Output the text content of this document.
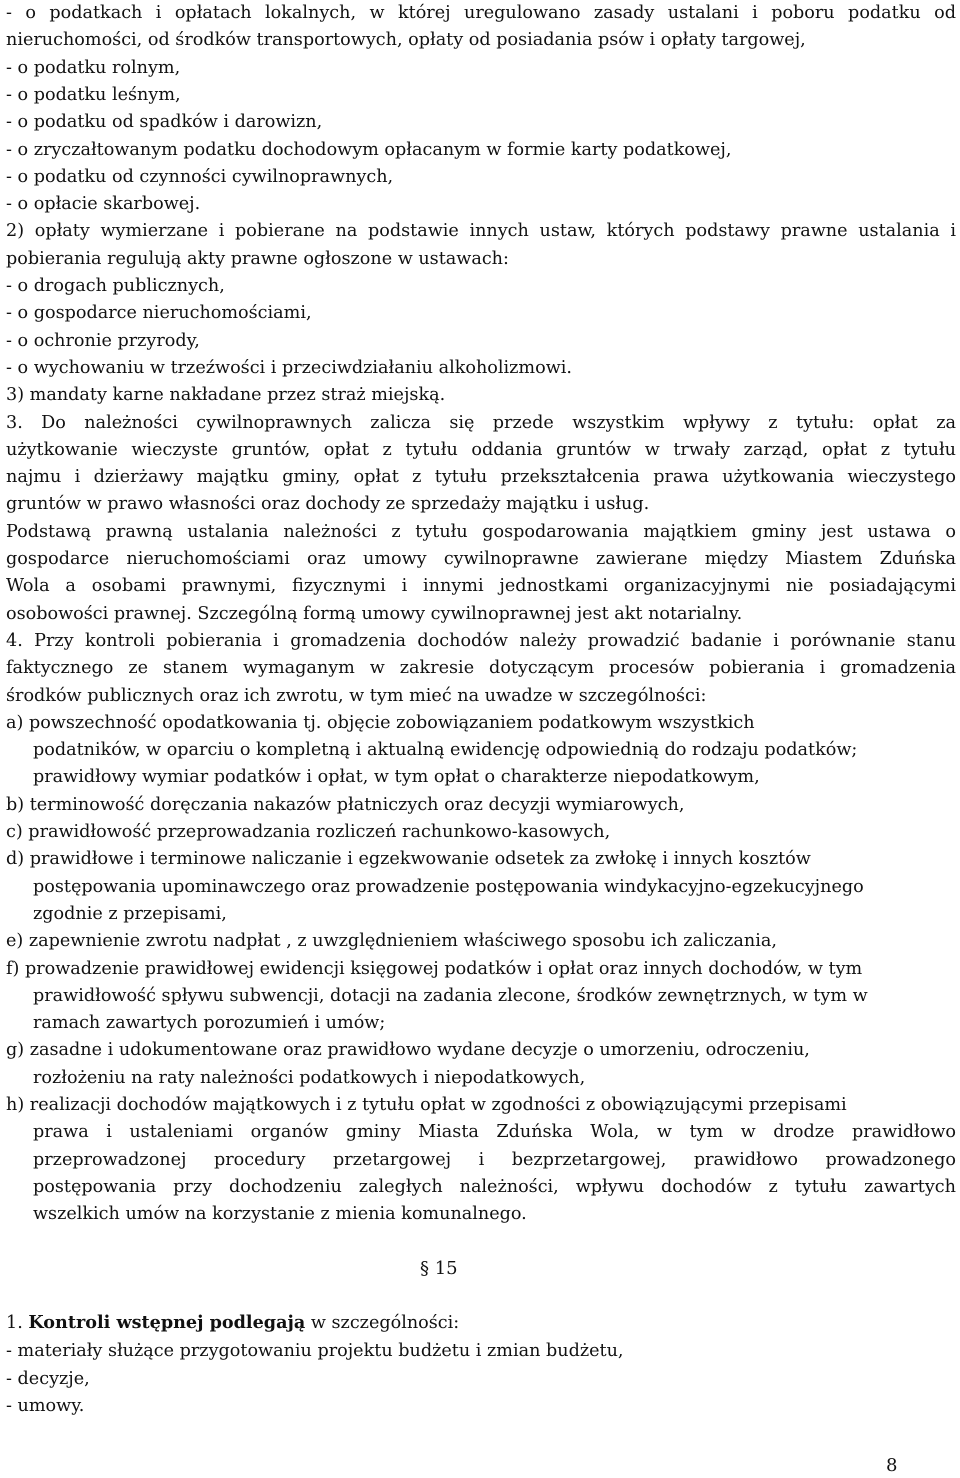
- o podatkach i opłatach lokalnych, w której uregulowano zasady ustalani i poboru podatku od
nieruchomości, od środków transportowych, opłaty od posiadania psów i opłaty targowej,
- o podatku rolnym,
- o podatku leśnym,
- o podatku od spadków i darowizn,
- o zryczałtowanym podatku dochodowym opłacanym w formie karty podatkowej,
- o podatku od czynności cywilnoprawnych,
- o opłacie skarbowej.
2) opłaty wymierzane i pobierane na podstawie innych ustaw, których podstawy prawne ustalania i
pobierania regulują akty prawne ogłoszone w ustawach:
- o drogach publicznych,
- o gospodarce nieruchomościami,
- o ochronie przyrody,
- o wychowaniu w trzeźwości i przeciwdziałaniu alkoholizmowi.
3) mandaty karne nakładane przez straż miejską.
3. Do należności cywilnoprawnych zalicza się przede wszystkim wpływy z tytułu: opłat za
użytkowanie wieczyste gruntów, opłat z tytułu oddania gruntów w trwały zarząd, opłat z tytułu
najmu i dzierżawy majątku gminy, opłat z tytułu przekształcenia prawa użytkowania wieczystego
gruntów w prawo własności oraz dochody ze sprzedaży majątku i usług.
Podstawą prawną ustalania należności z tytułu gospodarowania majątkiem gminy jest ustawa o
gospodarce nieruchomościami oraz umowy cywilnoprawne zawierane między Miastem Zduńska
Wola a osobami prawnymi, fizycznymi i innymi jednostkami organizacyjnymi nie posiadającymi
osobowości prawnej. Szczególną formą umowy cywilnoprawnej jest akt notarialny.
4. Przy kontroli pobierania i gromadzenia dochodów należy prowadzić badanie i porównanie stanu
faktycznego ze stanem wymaganym w zakresie dotyczącym procesów pobierania i gromadzenia
środków publicznych oraz ich zwrotu, w tym mieć na uwadze w szczególności:
a) powszechność opodatkowania tj. objęcie zobowiązaniem podatkowym wszystkich
podatników, w oparciu o kompletną i aktualną ewidencję odpowiednią do rodzaju podatków;
prawidłowy wymiar podatków i opłat, w tym opłat o charakterze niepodatkowym,
b) terminowość doręczania nakazów płatniczych oraz decyzji wymiarowych,
c) prawidłowość przeprowadzania rozliczeń rachunkowo-kasowych,
d) prawidłowe i terminowe naliczanie i egzekwowanie odsetek za zwłokę i innych kosztów
postępowania upominawczego oraz prowadzenie postępowania windykacyjno-egzekucyjnego
zgodnie z przepisami,
e) zapewnienie zwrotu nadpłat , z uwzględnieniem właściwego sposobu ich zaliczania,
f) prowadzenie prawidłowej ewidencji księgowej podatków i opłat oraz innych dochodów, w tym
prawidłowość spływu subwencji, dotacji na zadania zlecone, środków zewnętrznych, w tym w
ramach zawartych porozumień i umów;
g) zasadne i udokumentowane oraz prawidłowo wydane decyzje o umorzeniu, odroczeniu,
rozłożeniu na raty należności podatkowych i niepodatkowych,
h) realizacji dochodów majątkowych i z tytułu opłat w zgodności z obowiązującymi przepisami
prawa i ustaleniami organów gminy Miasta Zduńska Wola, w tym w drodze prawidłowo
przeprowadzonej procedury przetargowej i bezprzetargowej, prawidłowo prowadzonego
postępowania przy dochodzeniu zaległych należności, wpływu dochodów z tytułu zawartych
wszelkich umów na korzystanie z mienia komunalnego.
§ 15
1. Kontroli wstępnej podlegają w szczególności:
- materiały służące przygotowaniu projektu budżetu i zmian budżetu,
- decyzje,
- umowy.
8
